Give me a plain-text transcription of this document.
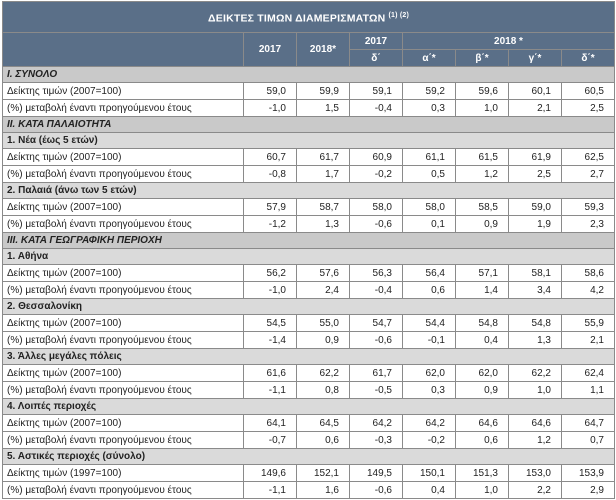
ΔΕΙΚΤΕΣ ΤΙΜΩΝ ΔΙΑΜΕΡΙΣΜΑΤΩΝ $^{(1) (2)}$
	2017	2018*	2017	2018 *			
			δ΄	α΄*	β΄*	γ΄*	δ΄*
I. ΣΥΝΟΛΟ							
Δείκτης τιμών (2007=100)	59,0	59,9	59,1	59,2	59,6	60,1	60,5
(%) μεταβολή έναντι προηγούμενου έτους	-1,0	1,5	-0,4	0,3	1,0	2,1	2,5
II. ΚΑΤΑ ΠΑΛΑΙΟΤΗΤΑ							
1. Νέα (έως 5 ετών)							
Δείκτης τιμών (2007=100)	60,7	61,7	60,9	61,1	61,5	61,9	62,5
(%) μεταβολή έναντι προηγούμενου έτους	-0,8	1,7	-0,2	0,5	1,2	2,5	2,7
2. Παλαιά (άνω των 5 ετών)							
Δείκτης τιμών (2007=100)	57,9	58,7	58,0	58,0	58,5	59,0	59,3
(%) μεταβολή έναντι προηγούμενου έτους	-1,2	1,3	-0,6	0,1	0,9	1,9	2,3
III. ΚΑΤΑ ΓΕΩΓΡΑΦΙΚΗ ΠΕΡΙΟΧΗ							
1. Αθήνα							
Δείκτης τιμών (2007=100)	56,2	57,6	56,3	56,4	57,1	58,1	58,6
(%) μεταβολή έναντι προηγούμενου έτους	-1,0	2,4	-0,4	0,6	1,4	3,4	4,2
2. Θεσσαλονίκη							
Δείκτης τιμών (2007=100)	54,5	55,0	54,7	54,4	54,8	54,8	55,9
(%) μεταβολή έναντι προηγούμενου έτους	-1,4	0,9	-0,6	-0,1	0,4	1,3	2,1
3. Άλλες μεγάλες πόλεις							
Δείκτης τιμών (2007=100)	61,6	62,2	61,7	62,0	62,0	62,2	62,4
(%) μεταβολή έναντι προηγούμενου έτους	-1,1	0,8	-0,5	0,3	0,9	1,0	1,1
4. Λοιπές περιοχές							
Δείκτης τιμών (2007=100)	64,1	64,5	64,2	64,2	64,6	64,6	64,7
(%) μεταβολή έναντι προηγούμενου έτους	-0,7	0,6	-0,3	-0,2	0,6	1,2	0,7
5. Αστικές περιοχές (σύνολο)							
Δείκτης τιμών (1997=100)	149,6	152,1	149,5	150,1	151,3	153,0	153,9
(%) μεταβολή έναντι προηγούμενου έτους	-1,1	1,6	-0,6	0,4	1,0	2,2	2,9
